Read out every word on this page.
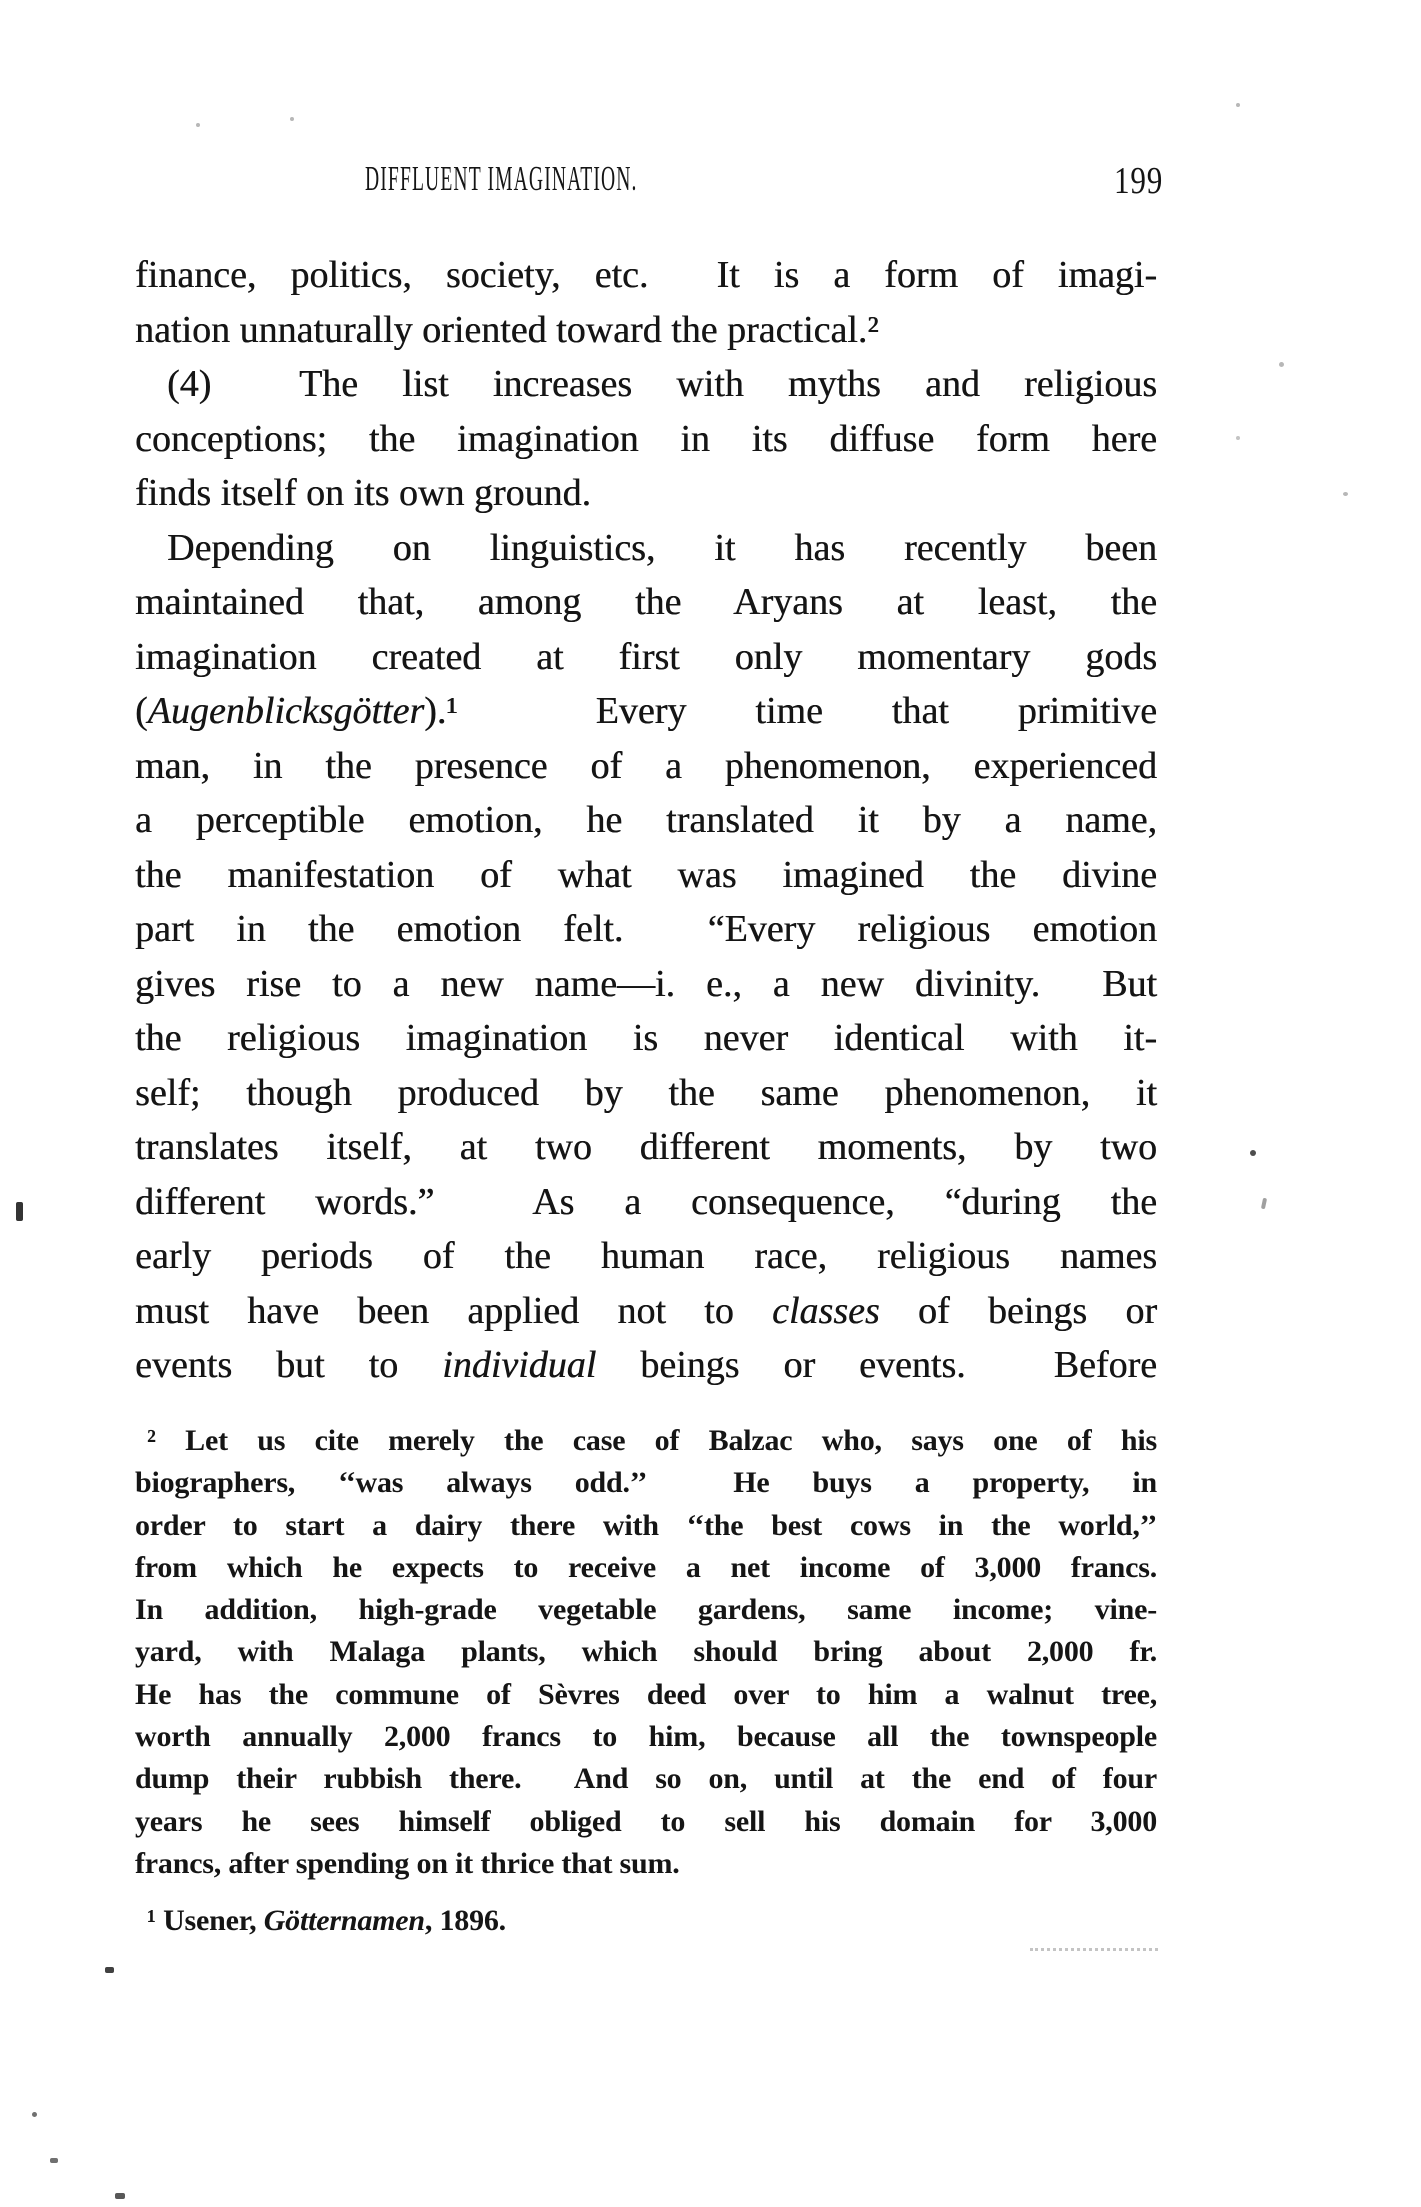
DIFFLUENT IMAGINATION.	199
finance, politics, society, etc.  It is a form of imagi-
nation unnaturally oriented toward the practical.²
(4)  The list increases with myths and religious
conceptions; the imagination in its diffuse form here
finds itself on its own ground.
Depending on linguistics, it has recently been
maintained that, among the Aryans at least, the
imagination created at first only momentary gods
(Augenblicksgötter).¹  Every time that primitive
man, in the presence of a phenomenon, experienced
a perceptible emotion, he translated it by a name,
the manifestation of what was imagined the divine
part in the emotion felt.  “Every religious emotion
gives rise to a new name—i. e., a new divinity.  But
the religious imagination is never identical with it-
self; though produced by the same phenomenon, it
translates itself, at two different moments, by two
different words.”  As a consequence, “during the
early periods of the human race, religious names
must have been applied not to classes of beings or
events but to individual beings or events.  Before
² Let us cite merely the case of Balzac who, says one of his
biographers, ‘‘was always odd.’’  He buys a property, in
order to start a dairy there with ‘‘the best cows in the world,’’
from which he expects to receive a net income of 3,000 francs.
In addition, high-grade vegetable gardens, same income; vine-
yard, with Malaga plants, which should bring about 2,000 fr.
He has the commune of Sèvres deed over to him a walnut tree,
worth annually 2,000 francs to him, because all the townspeople
dump their rubbish there.  And so on, until at the end of four
years he sees himself obliged to sell his domain for 3,000
francs, after spending on it thrice that sum.
¹ Usener, Götternamen, 1896.
